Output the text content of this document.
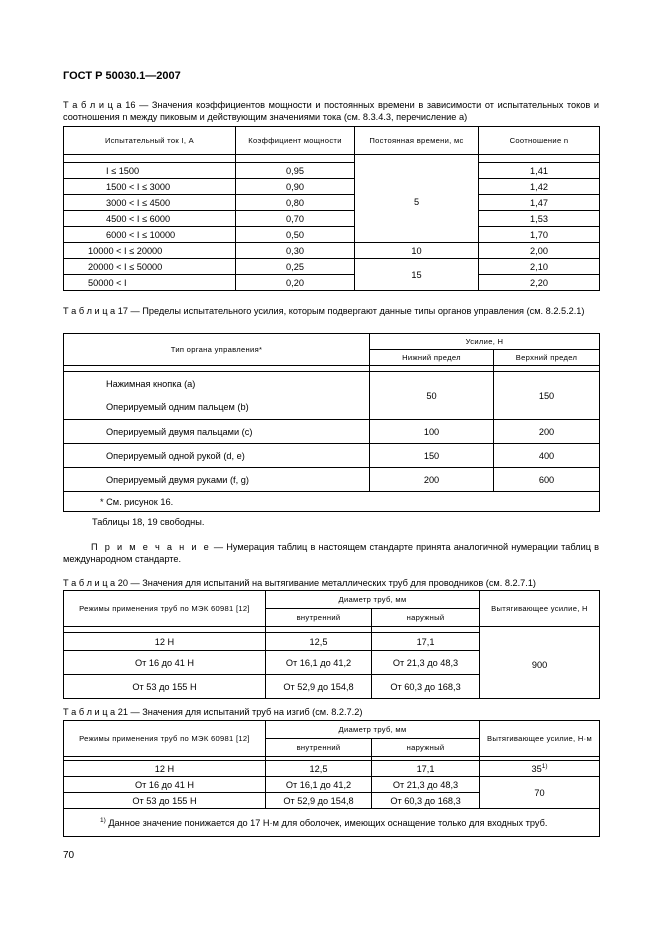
ГОСТ Р 50030.1—2007
Т а б л и ц а 16 — Значения коэффициентов мощности и постоянных времени в зависимости от испытательных токов и соотношения n между пиковым и действующим значениями тока (см. 8.3.4.3, перечисление а)
Испытательный ток I, А	Коэффициент мощности	Постоянная времени, мс	Соотношение n

I ≤ 1500	0,95	5	1,41
1500 < I ≤ 3000	0,90		1,42
3000 < I ≤ 4500	0,80		1,47
4500 < I ≤ 6000	0,70		1,53
6000 < I ≤ 10000	0,50		1,70
10000 < I ≤ 20000	0,30	10	2,00
20000 < I ≤ 50000	0,25	15	2,10
50000 < I	0,20		2,20
Т а б л и ц а 17 — Пределы испытательного усилия, которым подвергают данные типы органов управления (см. 8.2.5.2.1)
Тип органа управления*	Усилие, Н	
	Нижний предел	Верхний предел

Нажимная кнопка (а)	50	150
Оперируемый одним пальцем (b)		
Оперируемый двумя пальцами (c)	100	200
Оперируемый одной рукой (d, e)	150	400
Оперируемый двумя руками (f, g)	200	600
* См. рисунок 16.		
Таблицы 18, 19 свободны.
П р и м е ч а н и е — Нумерация таблиц в настоящем стандарте принята аналогичной нумерации таблиц в международном стандарте.
Т а б л и ц а 20 — Значения для испытаний на вытягивание металлических труб для проводников (см. 8.2.7.1)
Режимы применения труб по МЭК 60981 [12]	Диаметр труб, мм		Вытягивающее усилие, Н
	внутренний	наружный	

12 Н	12,5	17,1	900
От 16 до 41 Н	От 16,1 до 41,2	От 21,3 до 48,3	
От 53 до 155 Н	От 52,9 до 154,8	От 60,3 до 168,3	
Т а б л и ц а 21 — Значения для испытаний труб на изгиб (см. 8.2.7.2)
Режимы применения труб по МЭК 60981 [12]	Диаметр труб, мм		Вытягивающее усилие, Н·м
	внутренний	наружный	

12 Н	12,5	17,1	35$^{1)}$
От 16 до 41 Н	От 16,1 до 41,2	От 21,3 до 48,3	70
От 53 до 155 Н	От 52,9 до 154,8	От 60,3 до 168,3	
$^{1)}$ Данное значение понижается до 17 Н·м для оболочек, имеющих оснащение только для входных труб.			
70
